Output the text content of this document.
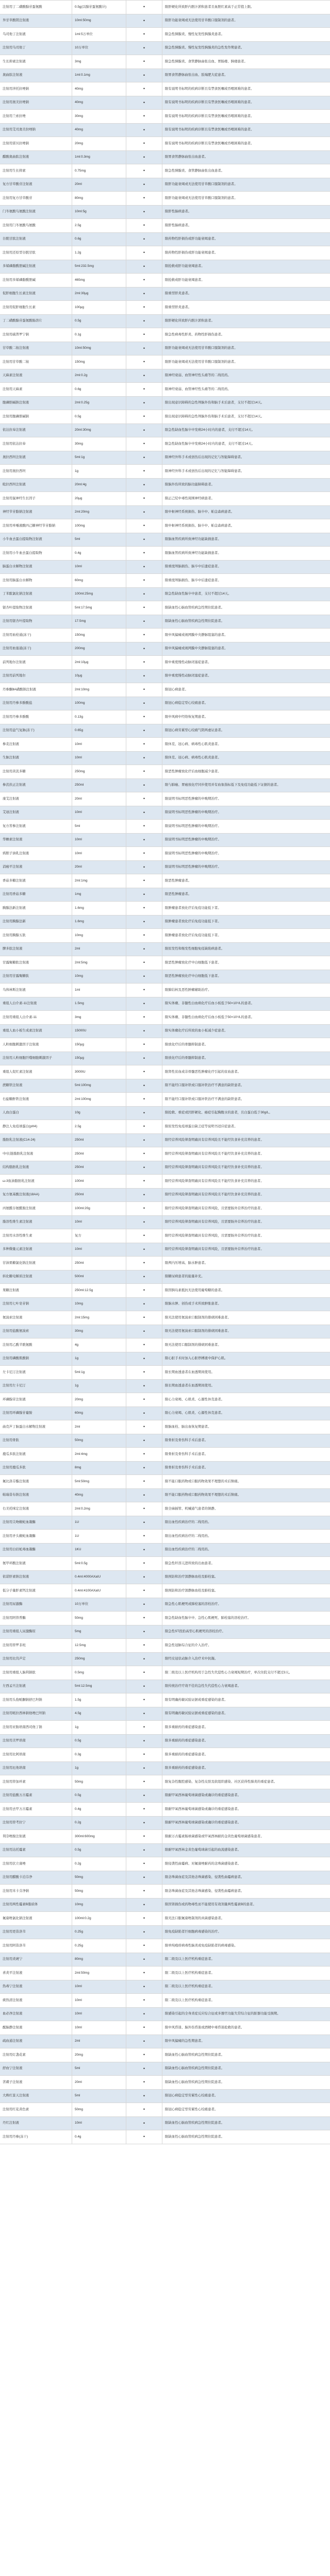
注射用丁二磺酸腺苷蛋氨酸	0.5g(以腺苷蛋氨酸计)	•	限肝硬化所致肝内胆汁淤积患者且血胆红素高于正常值上限。
异甘草酸镁注射液	10ml:50mg	•	限肝功能衰竭或无法使用甘草酸口服制剂的患者。
乌司他丁注射液	1ml:5万单位	•	限急性胰腺炎、慢性复发性胰腺炎患者。
注射用乌司他丁	10万单位	•	限急性胰腺炎、慢性复发性胰腺炎的急性发作期患者。
生长抑素注射液	3mg	•	限急性胰腺炎、食管静脉曲张出血、胃肠瘘、胰瘘患者。
奥曲肽注射液	1ml:0.1mg	•	限胃食管静脉曲张出血、肢端肥大症患者。
注射用泮托拉唑钠	40mg	•	限有说明书标明的疾病诊断且有禁食医嘱或吞咽困难的患者。
注射用奥美拉唑钠	40mg	•	限有说明书标明的疾病诊断且有禁食医嘱或吞咽困难的患者。
注射用兰索拉唑	30mg	•	限有说明书标明的疾病诊断且有禁食医嘱或吞咽困难的患者。
注射用艾司奥美拉唑钠	40mg	•	限有说明书标明的疾病诊断且有禁食医嘱或吞咽困难的患者。
注射用雷贝拉唑钠	20mg	•	限有说明书标明的疾病诊断且有禁食医嘱或吞咽困难的患者。
醋酸奥曲肽注射液	1ml:0.3mg	•	限胃食管静脉曲张出血患者。
注射用生长抑素	0.75mg	•	限急性胰腺炎、食管静脉曲张出血患者。
复方甘草酸苷注射液	20ml	•	限肝功能衰竭或无法使用甘草酸口服制剂的患者。
注射用复方甘草酸苷	80mg	•	限肝功能衰竭或无法使用甘草酸口服制剂的患者。
门冬氨酸鸟氨酸注射液	10ml:5g	•	限肝性脑病患者。
注射用门冬氨酸鸟氨酸	2.5g	•	限肝性脑病患者。
谷胱甘肽注射液	0.6g	•	限药物性肝损伤或肝功能衰竭患者。
注射用还原型谷胱甘肽	1.2g	•	限药物性肝损伤或肝功能衰竭患者。
多烯磷脂酰胆碱注射液	5ml:232.5mg	•	限抢救或肝功能衰竭患者。
注射用多烯磷脂酰胆碱	465mg	•	限抢救或肝功能衰竭患者。
促肝细胞生长素注射液	2ml:30μg	•	限重型肝炎患者。
注射用促肝细胞生长素	100μg	•	限重型肝炎患者。
丁二磺酸腺苷蛋氨酸肠溶片	0.5g	•	限肝硬化所致肝内胆汁淤积患者。
注射用硫普罗宁钠	0.1g	•	限急性病毒性肝炎、药物性肝损伤患者。
甘草酸二铵注射液	10ml:50mg	•	限肝功能衰竭或无法使用甘草酸口服制剂的患者。
注射用甘草酸二铵	150mg	•	限肝功能衰竭或无法使用甘草酸口服制剂的患者。
天麻素注射液	2ml:0.2g	•	限神经衰弱、血管神经性头痛等的二线用药。
注射用天麻素	0.6g	•	限神经衰弱、血管神经性头痛等的二线用药。
胞磷胆碱钠注射液	2ml:0.25g	•	限出现意识障碍的急性颅脑外伤和脑手术后患者，支付不超过14天。
注射用胞磷胆碱钠	0.5g	•	限出现意识障碍的急性颅脑外伤和脑手术后患者，支付不超过14天。
依达拉奉注射液	20ml:30mg	•	限急性缺血性脑卒中发病24小时内的患者，支付不超过14天。
注射用依达拉奉	30mg	•	限急性缺血性脑卒中发病24小时内的患者，支付不超过14天。
奥拉西坦注射液	5ml:1g	•	限神经外科手术或创伤后出现的记忆与智能障碍患者。
注射用奥拉西坦	1g	•	限神经外科手术或创伤后出现的记忆与智能障碍患者。
吡拉西坦注射液	20ml:4g	•	限脑外伤所致的脑功能障碍患者。
注射用鼠神经生长因子	20μg	•	限正己烷中毒性周围神经病患者。
神经节苷脂钠注射液	2ml:20mg	•	限中枢神经系统损伤、脑卒中、帕金森病患者。
注射用单唾液酸四己糖神经节苷脂钠	100mg	•	限中枢神经系统损伤、脑卒中、帕金森病患者。
小牛血去蛋白提取物注射液	5ml	•	限脑血管疾病所致神经功能缺损患者。
注射用小牛血去蛋白提取物	0.4g	•	限脑血管疾病所致神经功能缺损患者。
脑蛋白水解物注射液	10ml	•	限重度颅脑损伤、脑卒中后遗症患者。
注射用脑蛋白水解物	60mg	•	限重度颅脑损伤、脑卒中后遗症患者。
丁苯酞氯化钠注射液	100ml:25mg	•	限急性缺血性脑卒中患者，支付不超过14天。
银杏叶提取物注射液	5ml:17.5mg	•	限缺血性心脑血管疾病急性期住院患者。
注射用银杏叶提取物	17.5mg	•	限缺血性心脑血管疾病急性期住院患者。
注射用血栓通(冻干)	150mg	•	限中风偏瘫或视网膜中央静脉阻塞的患者。
注射用血塞通(冻干)	200mg	•	限中风偏瘫或视网膜中央静脉阻塞的患者。
前列地尔注射液	2ml:10μg	•	限中重度慢性动脉闭塞症患者。
注射用前列地尔	10μg	•	限中重度慢性动脉闭塞症患者。
丹参酮ⅡA磺酸钠注射液	2ml:10mg	•	限冠心病患者。
注射用丹参多酚酸盐	100mg	•	限冠心病稳定型心绞痛患者。
注射用丹参多酚酸	0.13g	•	限中风病中经络恢复期患者。
注射用益气复脉(冻干)	0.65g	•	限冠心病劳累型心绞痛气阴两虚证患者。
参麦注射液	10ml	•	限休克、冠心病、病毒性心肌炎患者。
生脉注射液	10ml	•	限休克、冠心病、病毒性心肌炎患者。
注射用黄芪多糖	250mg	•	限恶性肿瘤放化疗后血细胞减少患者。
参芪扶正注射液	250ml	•	限与肺癌、胃癌放化疗同步使用并有血象指标低下及免疫功能低下证据的患者。
康艾注射液	20ml	•	限说明书标明恶性肿瘤的中晚期治疗。
艾迪注射液	10ml	•	限说明书标明恶性肿瘤的中晚期治疗。
复方苦参注射液	5ml	•	限说明书标明恶性肿瘤的中晚期治疗。
华蟾素注射液	10ml	•	限说明书标明恶性肿瘤的中晚期治疗。
鸦胆子油乳注射液	10ml	•	限说明书标明恶性肿瘤的中晚期治疗。
消癌平注射液	20ml	•	限说明书标明恶性肿瘤的中晚期治疗。
香菇多糖注射液	2ml:1mg	•	限恶性肿瘤患者。
注射用香菇多糖	1mg	•	限恶性肿瘤患者。
胸腺法新注射液	1.6mg	•	限肿瘤患者放化疗后免疫功能低下者。
注射用胸腺法新	1.6mg	•	限肿瘤患者放化疗后免疫功能低下者。
注射用胸腺五肽	10mg	•	限肿瘤患者放化疗后免疫功能低下者。
脾多肽注射液	2ml	•	限原发性和继发性细胞免疫缺陷病患者。
甘露聚糖肽注射液	2ml:5mg	•	限恶性肿瘤放化疗中白细胞低下患者。
注射用甘露聚糖肽	10mg	•	限恶性肿瘤放化疗中白细胞低下患者。
乌体林斯注射液	1ml	•	限肺结核及恶性肿瘤辅助治疗。
重组人白介素-11注射液	1.5mg	•	限实体瘤、非髓性白血病化疗后血小板低于50×10⁹/L的患者。
注射用重组人白介素-11	3mg	•	限实体瘤、非髓性白血病化疗后血小板低于50×10⁹/L的患者。
重组人血小板生成素注射液	15000U	•	限实体瘤化疗后所致的血小板减少症患者。
人粒细胞刺激因子注射液	150μg	•	限放化疗后的骨髓抑制患者。
注射用人粒细胞巨噬细胞刺激因子	150μg	•	限放化疗后的骨髓抑制患者。
重组人促红素注射液	3000IU	•	限肾性贫血或非骨髓恶性肿瘤化疗引起的贫血患者。
蔗糖铁注射液	5ml:100mg	•	限不能经口服补铁或口服补铁治疗不满意的缺铁患者。
右旋糖酐铁注射液	2ml:100mg	•	限不能经口服补铁或口服补铁治疗不满意的缺铁患者。
人血白蛋白	10g	•	限抢救、重症或因肝硬化、癌症引起胸腹水的患者，且白蛋白低于30g/L。
静注人免疫球蛋白(pH4)	2.5g	•	限原发性免疫球蛋白缺乏症等说明书适应症患者。
脂肪乳注射液(C14-24)	250ml	•	限经营养风险筛查明确具有营养风险且不能经饮食补充营养的患者。
中/长链脂肪乳注射液	250ml	•	限经营养风险筛查明确具有营养风险且不能经饮食补充营养的患者。
结构脂肪乳注射液	250ml	•	限经营养风险筛查明确具有营养风险且不能经饮食补充营养的患者。
ω-3鱼油脂肪乳注射液	100ml	•	限经营养风险筛查明确具有营养风险且不能经饮食补充营养的患者。
复方氨基酸注射液(18AA)	250ml	•	限经营养风险筛查明确具有营养风险且不能经饮食补充营养的患者。
丙氨酰谷氨酰胺注射液	100ml:20g	•	限经营养风险筛查明确具有营养风险，且需要肠外营养治疗的患者。
脂溶性维生素注射液	10ml	•	限经营养风险筛查明确具有营养风险，且需要肠外营养治疗的患者。
注射用水溶性维生素	复方	•	限经营养风险筛查明确具有营养风险，且需要肠外营养治疗的患者。
多种微量元素注射液	10ml	•	限经营养风险筛查明确具有营养风险，且需要肠外营养治疗的患者。
甘油果糖氯化钠注射液	250ml	•	限颅内压增高、脑水肿患者。
转化糖电解质注射液	500ml	•	限糖尿病患者的能量补充。
果糖注射液	250ml:12.5g	•	限因胰岛素抵抗无法使用葡萄糖的患者。
注射用七叶皂苷钠	10mg	•	限脑水肿、创伤或手术所致肿胀患者。
氨溴索注射液	2ml:15mg	•	限无法使用氨溴索口服制剂的排痰困难患者。
注射用盐酸氨溴索	30mg	•	限无法使用氨溴索口服制剂的排痰困难患者。
注射用乙酰半胱氨酸	4g	•	限无法使用口服制剂的排痰困难患者。
注射用磷酸肌酸钠	1g	•	限心脏手术时加入心脏停搏液中保护心肌。
左卡尼汀注射液	5ml:1g	•	限长期血透患者在血透期间使用。
注射用左卡尼汀	1g	•	限长期血透患者在血透期间使用。
环磷腺苷注射液	20mg	•	限心力衰竭、心肌炎、心源性休克患者。
注射用环磷腺苷葡胺	60mg	•	限心力衰竭、心肌炎、心源性休克患者。
曲克芦丁脑蛋白水解物注射液	2ml	•	限脑血栓、脑出血恢复期患者。
注射用骨肽	50mg	•	限骨折及骨伤科手术后患者。
鹿瓜多肽注射液	2ml:4mg	•	限骨折及骨伤科手术后患者。
注射用鹿瓜多肽	8mg	•	限骨折及骨伤科手术后患者。
氟比洛芬酯注射液	5ml:50mg	•	限不能口服药物或口服药物效果不理想的术后镇痛。
帕瑞昔布钠注射液	40mg	•	限不能口服药物或口服药物效果不理想的术后镇痛。
右美托咪定注射液	2ml:0.2mg	•	限全麻插管、机械通气患者的镇静。
注射用尖吻蝮蛇血凝酶	1U	•	限出血性疾病治疗的二线用药。
注射用矛头蝮蛇血凝酶	1U	•	限出血性疾病治疗的二线用药。
注射用白眉蛇毒血凝酶	1KU	•	限出血性疾病治疗的二线用药。
氨甲环酸注射液	5ml:0.5g	•	限急性纤溶亢进所致的出血患者。
依诺肝素钠注射液	0.4ml:4000AXaIU	•	限预防和治疗深静脉血栓及肺栓塞。
低分子量肝素钙注射液	0.4ml:4100AXaIU	•	限预防和治疗深静脉血栓及肺栓塞。
注射用尿激酶	10万单位	•	限急性心肌梗死或肺栓塞的溶栓治疗。
注射用阿替普酶	50mg	•	限急性缺血性脑卒中、急性心肌梗死、肺栓塞的溶栓治疗。
注射用重组人尿激酶原	5mg	•	限急性ST段抬高型心肌梗死的溶栓治疗。
注射用替罗非班	12.5mg	•	限急性冠脉综合征的介入治疗。
注射用比伐芦定	250mg	•	限经皮冠状动脉介入治疗术中抗凝。
注射用重组人脑利钠肽	0.5mg	•	限二级及以上医疗机构用于急性失代偿性心力衰竭短期治疗，单次住院支付不超过3天。
左西孟旦注射液	5ml:12.5mg	•	限传统治疗疗效不佳的急性失代偿性心力衰竭患者。
注射用头孢哌酮钠舒巴坦钠	1.5g	•	限有明确药敏试验证据或重症感染的患者。
注射用哌拉西林钠他唑巴坦钠	4.5g	•	限有明确药敏试验证据或重症感染的患者。
注射用亚胺培南西司他丁钠	1g	•	限多重耐药的重症感染患者。
注射用美罗培南	0.5g	•	限多重耐药的重症感染患者。
注射用比阿培南	0.3g	•	限多重耐药的重症感染患者。
注射用厄他培南	1g	•	限多重耐药的重症感染患者。
注射用替加环素	50mg	•	限复杂性腹腔感染、复杂性皮肤及软组织感染、社区获得性肺炎的重症患者。
注射用盐酸万古霉素	0.5g	•	限耐甲氧西林葡萄球菌感染或确诊的重症感染患者。
注射用去甲万古霉素	0.4g	•	限耐甲氧西林葡萄球菌感染或确诊的重症感染患者。
注射用替考拉宁	0.2g	•	限耐甲氧西林葡萄球菌感染或确诊的重症感染患者。
利奈唑胺注射液	300ml:600mg	•	限耐万古霉素肠球菌感染或甲氧西林耐药金黄色葡萄球菌感染患者。
注射用达托霉素	0.5g	•	限耐甲氧西林金黄色葡萄球菌引起的血流感染患者。
注射用伏立康唑	0.2g	•	限侵袭性曲霉病、对氟康唑耐药的念珠菌感染患者。
注射用醋酸卡泊芬净	50mg	•	限念珠菌血症及其他念珠菌感染、侵袭性曲霉病患者。
注射用米卡芬净钠	50mg	•	限念珠菌血症及其他念珠菌感染、侵袭性曲霉病患者。
注射用两性霉素B脂质体	10mg	•	限因肾损伤或药物毒性而不能使用有效剂量两性霉素B的患者。
氟康唑氯化钠注射液	100ml:0.2g	•	限无法口服氟康唑制剂的真菌感染患者。
注射用更昔洛韦	0.25g	•	限免疫缺陷者巨细胞病毒感染的治疗。
注射用阿昔洛韦	0.25g	•	限单纯疱疹病毒性脑炎或免疫缺陷者的病毒感染。
注射用炎琥宁	80mg	•	限二级及以上医疗机构重症患者。
喜炎平注射液	2ml:50mg	•	限二级及以上医疗机构重症患者。
热毒宁注射液	10ml	•	限二级及以上医疗机构重症患者。
痰热清注射液	10ml	•	限二级及以上医疗机构重症患者。
血必净注射液	10ml	•	限感染引起的全身炎症反应综合征或多器官功能失常综合征的脏器功能受损期。
醒脑静注射液	10ml	•	限中风昏迷、脑外伤昏迷或酒精中毒昏迷抢救的患者。
疏血通注射液	2ml	•	限中风偏瘫的急性期患者。
注射用灯盏花素	20mg	•	限缺血性心脑血管疾病急性期住院患者。
舒血宁注射液	5ml	•	限缺血性心脑血管疾病急性期住院患者。
苦碟子注射液	20ml	•	限缺血性心脑血管疾病急性期住院患者。
大株红景天注射液	5ml	•	限冠心病稳定型劳累性心绞痛患者。
注射用红花黄色素	50mg	•	限冠心病稳定型劳累性心绞痛患者。
丹红注射液	10ml	•	限缺血性心脑血管疾病急性期住院患者。
注射用丹参(冻干)	0.4g	•	限缺血性心脑血管疾病急性期住院患者。
